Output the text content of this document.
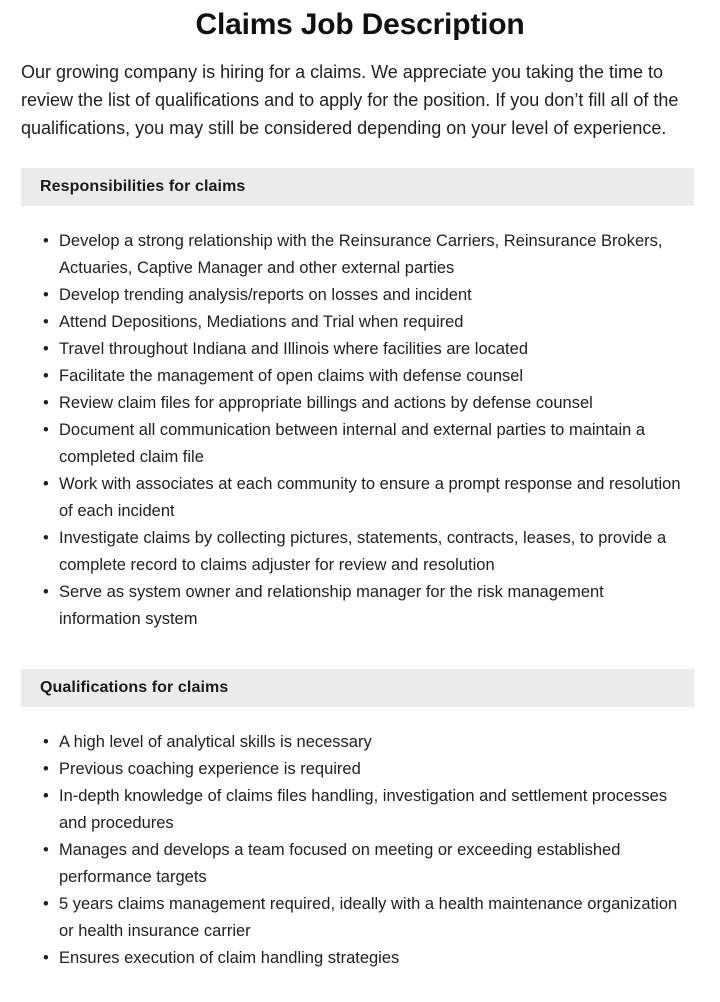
Claims Job Description

Our growing company is hiring for a claims. We appreciate you taking the time to review the list of qualifications and to apply for the position. If you don’t fill all of the qualifications, you may still be considered depending on your level of experience.

Responsibilities for claims
• Develop a strong relationship with the Reinsurance Carriers, Reinsurance Brokers, Actuaries, Captive Manager and other external parties
• Develop trending analysis/reports on losses and incident
• Attend Depositions, Mediations and Trial when required
• Travel throughout Indiana and Illinois where facilities are located
• Facilitate the management of open claims with defense counsel
• Review claim files for appropriate billings and actions by defense counsel
• Document all communication between internal and external parties to maintain a completed claim file
• Work with associates at each community to ensure a prompt response and resolution of each incident
• Investigate claims by collecting pictures, statements, contracts, leases, to provide a complete record to claims adjuster for review and resolution
• Serve as system owner and relationship manager for the risk management information system
Qualifications for claims
• A high level of analytical skills is necessary
• Previous coaching experience is required
• In-depth knowledge of claims files handling, investigation and settlement processes and procedures
• Manages and develops a team focused on meeting or exceeding established performance targets
• 5 years claims management required, ideally with a health maintenance organization or health insurance carrier
• Ensures execution of claim handling strategies
